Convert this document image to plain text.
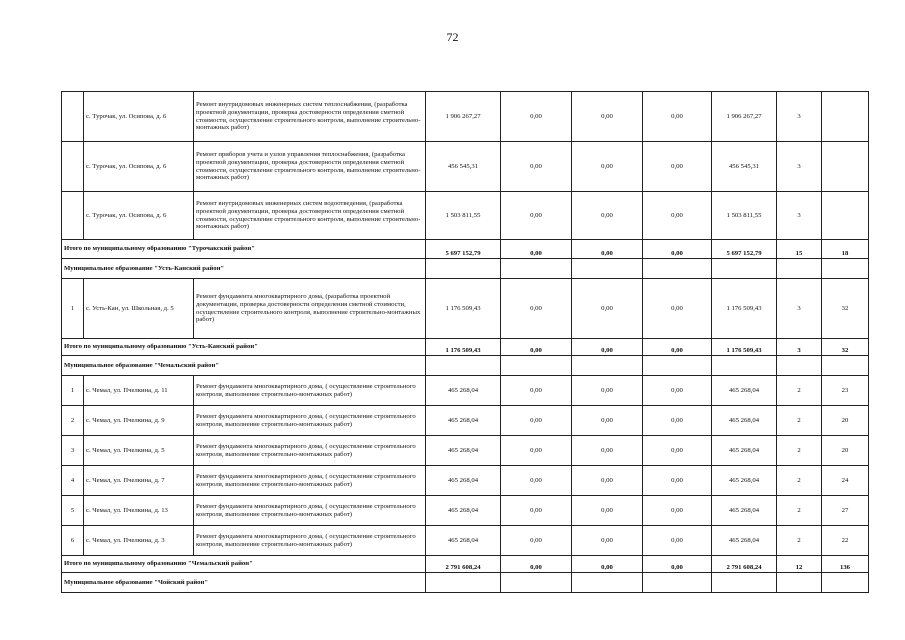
72
	с. Турочак, ул. Осипова, д. 6	Ремонт внутридомовых инженерных систем теплоснабжения, (разработка проектной документации, проверка достоверности определения сметной стоимости, осуществление строительного контроля, выполнение строительно-монтажных работ)	1 906 267,27	0,00	0,00	0,00	1 906 267,27	3	
	с. Турочак, ул. Осипова, д. 6	Ремонт приборов учета и узлов управления теплоснабжения, (разработка проектной документации, проверка достоверности определения сметной стоимости, осуществление строительного контроля, выполнение строительно-монтажных работ)	456 545,31	0,00	0,00	0,00	456 545,31	3	
	с. Турочак, ул. Осипова, д. 6	Ремонт внутридомовых инженерных систем водоотведения, (разработка проектной документации, проверка достоверности определения сметной стоимости, осуществление строительного контроля, выполнение строительно-монтажных работ)	1 503 811,55	0,00	0,00	0,00	1 503 811,55	3	
Итого по муниципальному образованию "Турочакский район"			5 697 152,79	0,00	0,00	0,00	5 697 152,79	15	18
Муниципальное образование "Усть-Канский район"									
1	с. Усть-Кан, ул. Школьная, д. 5	Ремонт фундамента многоквартирного дома, (разработка проектной документации, проверка достоверности определения сметной стоимости, осуществление строительного контроля, выполнение строительно-монтажных работ)	1 176 509,43	0,00	0,00	0,00	1 176 509,43	3	32
Итого по муниципальному образованию "Усть-Канский район"			1 176 509,43	0,00	0,00	0,00	1 176 509,43	3	32
Муниципальное образование "Чемальский район"									
1	с. Чемал, ул. Пчелкина, д. 11	Ремонт фундамента многоквартирного дома, ( осуществление строительного контроля, выполнение строительно-монтажных работ)	465 268,04	0,00	0,00	0,00	465 268,04	2	23
2	с. Чемал, ул. Пчелкина, д. 9	Ремонт фундамента многоквартирного дома, ( осуществление строительного контроля, выполнение строительно-монтажных работ)	465 268,04	0,00	0,00	0,00	465 268,04	2	20
3	с. Чемал, ул. Пчелкина, д. 5	Ремонт фундамента многоквартирного дома, ( осуществление строительного контроля, выполнение строительно-монтажных работ)	465 268,04	0,00	0,00	0,00	465 268,04	2	20
4	с. Чемал, ул. Пчелкина, д. 7	Ремонт фундамента многоквартирного дома, ( осуществление строительного контроля, выполнение строительно-монтажных работ)	465 268,04	0,00	0,00	0,00	465 268,04	2	24
5	с. Чемал, ул. Пчелкина, д. 13	Ремонт фундамента многоквартирного дома, ( осуществление строительного контроля, выполнение строительно-монтажных работ)	465 268,04	0,00	0,00	0,00	465 268,04	2	27
6	с. Чемал, ул. Пчелкина, д. 3	Ремонт фундамента многоквартирного дома, ( осуществление строительного контроля, выполнение строительно-монтажных работ)	465 268,04	0,00	0,00	0,00	465 268,04	2	22
Итого по муниципальному образованию "Чемальский район"			2 791 608,24	0,00	0,00	0,00	2 791 608,24	12	136
Муниципальное образование "Чойский район"									
